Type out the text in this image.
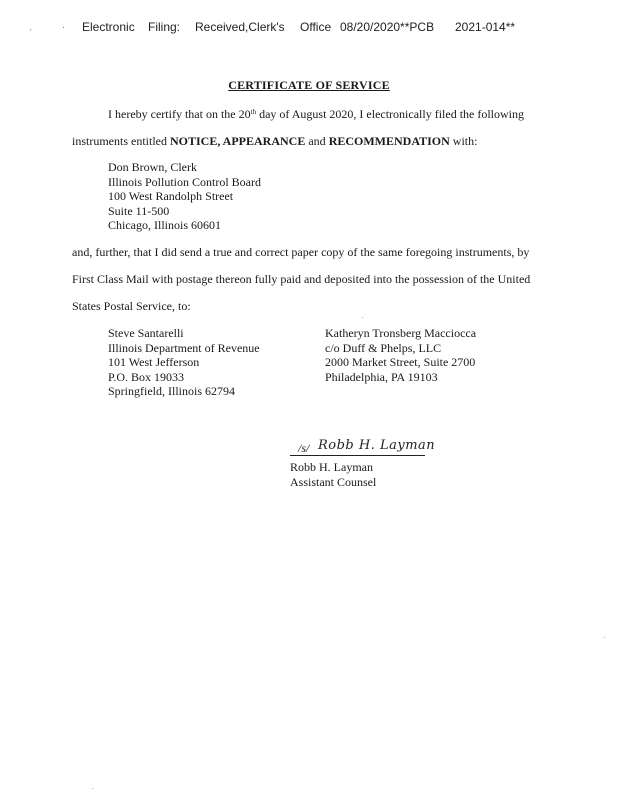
,	· Electronic Filing: Received,Clerk's Office 08/20/2020**PCB 2021-014**
CERTIFICATE OF SERVICE
I hereby certify that on the 20th day of August 2020, I electronically filed the following
instruments entitled NOTICE, APPEARANCE and RECOMMENDATION with:
Don Brown, Clerk
Illinois Pollution Control Board
100 West Randolph Street
Suite 11-500
Chicago, Illinois 60601
and, further, that I did send a true and correct paper copy of the same foregoing instruments, by
First Class Mail with postage thereon fully paid and deposited into the possession of the United
States Postal Service, to:
Steve Santarelli
Illinois Department of Revenue
101 West Jefferson
P.O. Box 19033
Springfield, Illinois 62794
Katheryn Tronsberg Macciocca
c/o Duff & Phelps, LLC
2000 Market Street, Suite 2700
Philadelphia, PA 19103
.
/s/ Robb H. Layman
Robb H. Layman
Assistant Counsel
.
.
